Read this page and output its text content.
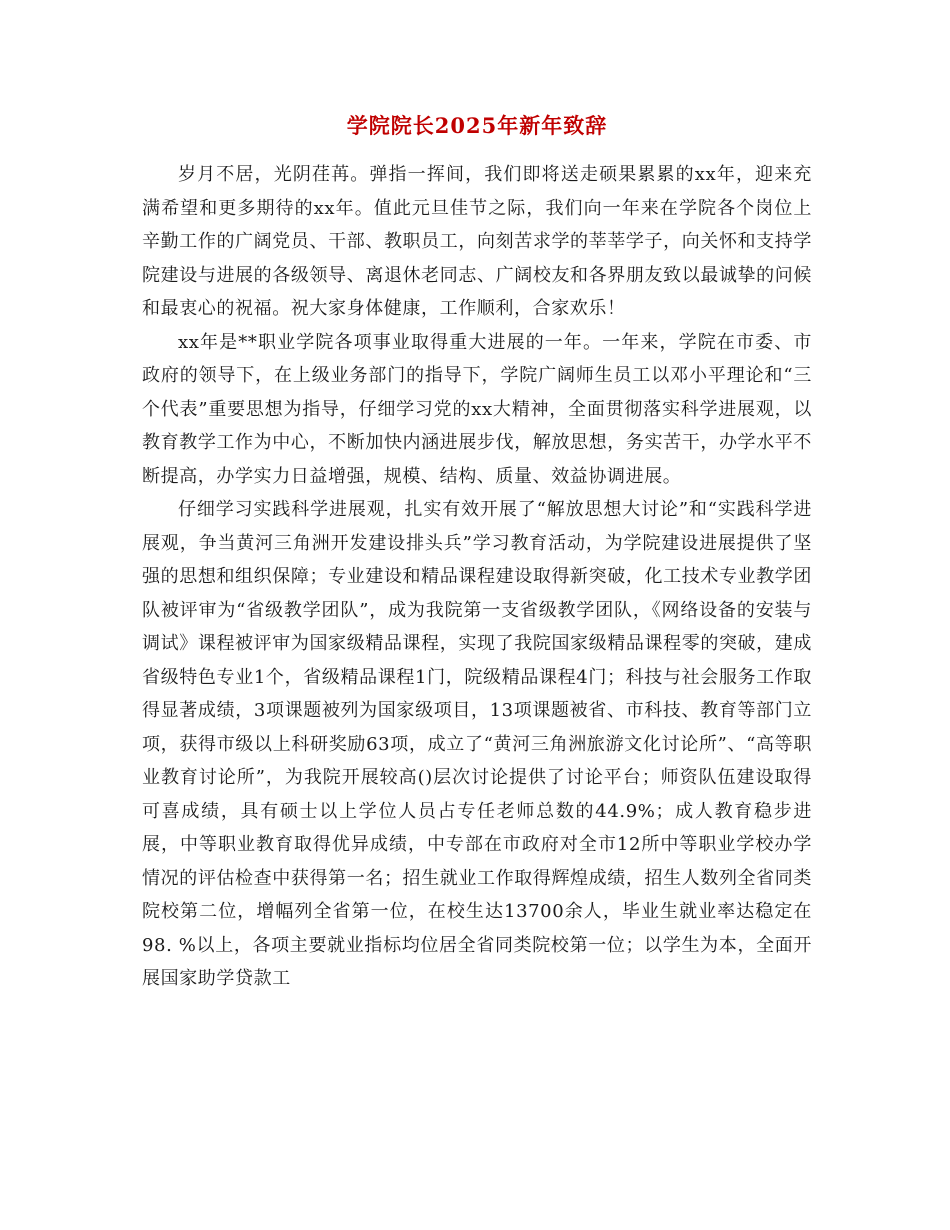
学院院长2025年新年致辞

岁月不居，光阴荏苒。弹指一挥间，我们即将送走硕果累累的xx年，迎来充满希望和更多期待的xx年。值此元旦佳节之际，我们向一年来在学院各个岗位上辛勤工作的广阔党员、干部、教职员工，向刻苦求学的莘莘学子，向关怀和支持学院建设与进展的各级领导、离退休老同志、广阔校友和各界朋友致以最诚挚的问候和最衷心的祝福。祝大家身体健康，工作顺利，合家欢乐！

xx年是**职业学院各项事业取得重大进展的一年。一年来，学院在市委、市政府的领导下，在上级业务部门的指导下，学院广阔师生员工以邓小平理论和“三个代表”重要思想为指导，仔细学习党的xx大精神，全面贯彻落实科学进展观，以教育教学工作为中心，不断加快内涵进展步伐，解放思想，务实苦干，办学水平不断提高，办学实力日益增强，规模、结构、质量、效益协调进展。

仔细学习实践科学进展观，扎实有效开展了“解放思想大讨论”和“实践科学进展观，争当黄河三角洲开发建设排头兵”学习教育活动，为学院建设进展提供了坚强的思想和组织保障；专业建设和精品课程建设取得新突破，化工技术专业教学团队被评审为“省级教学团队”，成为我院第一支省级教学团队，《网络设备的安装与调试》课程被评审为国家级精品课程，实现了我院国家级精品课程零的突破，建成省级特色专业1个，省级精品课程1门，院级精品课程4门；科技与社会服务工作取得显著成绩，3项课题被列为国家级项目，13项课题被省、市科技、教育等部门立项，获得市级以上科研奖励63项，成立了“黄河三角洲旅游文化讨论所”、“高等职业教育讨论所”，为我院开展较高()层次讨论提供了讨论平台；师资队伍建设取得可喜成绩，具有硕士以上学位人员占专任老师总数的44.9%；成人教育稳步进展，中等职业教育取得优异成绩，中专部在市政府对全市12所中等职业学校办学情况的评估检查中获得第一名；招生就业工作取得辉煌成绩，招生人数列全省同类院校第二位，增幅列全省第一位，在校生达13700余人，毕业生就业率达稳定在98. %以上，各项主要就业指标均位居全省同类院校第一位；以学生为本，全面开展国家助学贷款工
